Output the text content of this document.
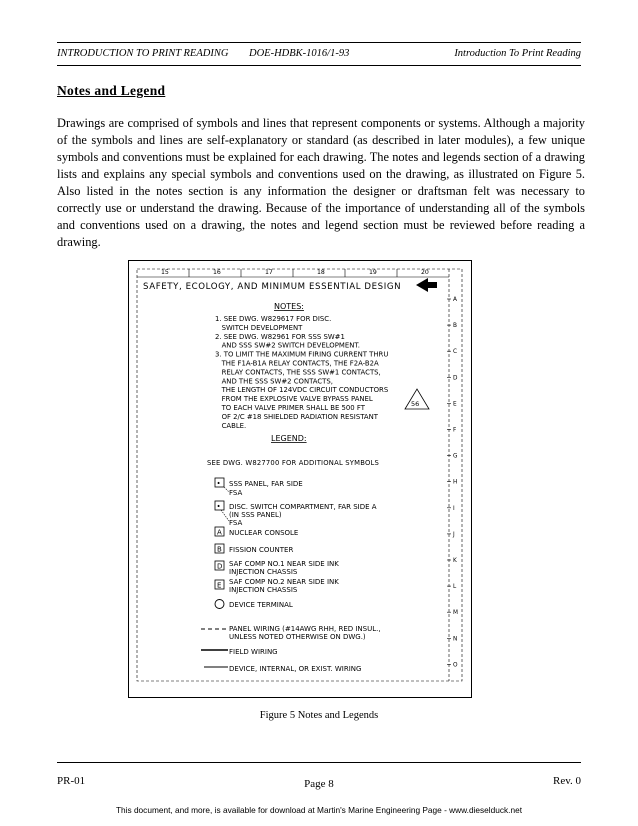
INTRODUCTION TO PRINT READING DOE-HDBK-1016/1-93	Introduction To Print Reading
Notes and Legend
Drawings are comprised of symbols and lines that represent components or systems. Although a majority of the symbols and lines are self-explanatory or standard (as described in later modules), a few unique symbols and conventions must be explained for each drawing. The notes and legends section of a drawing lists and explains any special symbols and conventions used on the drawing, as illustrated on Figure 5. Also listed in the notes section is any information the designer or draftsman felt was necessary to correctly use or understand the drawing. Because of the importance of understanding all of the symbols and conventions used on a drawing, the notes and legend section must be reviewed before reading a drawing.
15	16	17	18	19	20
A
B
C
D
E
F
G
H
I
J
K
L
M
N
O
SAFETY, ECOLOGY, AND MINIMUM ESSENTIAL DESIGN
NOTES:
1. SEE DWG. W829617 FOR DISC.
SWITCH DEVELOPMENT
2. SEE DWG. W82961 FOR SSS SW#1
AND SSS SW#2 SWITCH DEVELOPMENT.
3. TO LIMIT THE MAXIMUM FIRING CURRENT THRU
THE F1A-B1A RELAY CONTACTS, THE F2A-B2A
RELAY CONTACTS, THE SSS SW#1 CONTACTS,
AND THE SSS SW#2 CONTACTS,
THE LENGTH OF 124VDC CIRCUIT CONDUCTORS
FROM THE EXPLOSIVE VALVE BYPASS PANEL
TO EACH VALVE PRIMER SHALL BE 500 FT
OF 2/C #18 SHIELDED RADIATION RESISTANT
CABLE.
56
LEGEND:
SEE DWG. W827700 FOR ADDITIONAL SYMBOLS
• SSS PANEL, FAR SIDE
FSA
• DISC. SWITCH COMPARTMENT, FAR SIDE A
(IN SSS PANEL)
FSA
A NUCLEAR CONSOLE
B FISSION COUNTER
D SAF COMP NO.1 NEAR SIDE INK
INJECTION CHASSIS
E SAF COMP NO.2 NEAR SIDE INK
INJECTION CHASSIS
DEVICE TERMINAL
PANEL WIRING (#14AWG RHH, RED INSUL.,
UNLESS NOTED OTHERWISE ON DWG.)
FIELD WIRING
DEVICE, INTERNAL, OR EXIST. WIRING
Figure 5 Notes and Legends
PR-01	Page 8	Rev. 0
This document, and more, is available for download at Martin's Marine Engineering Page - www.dieselduck.net
